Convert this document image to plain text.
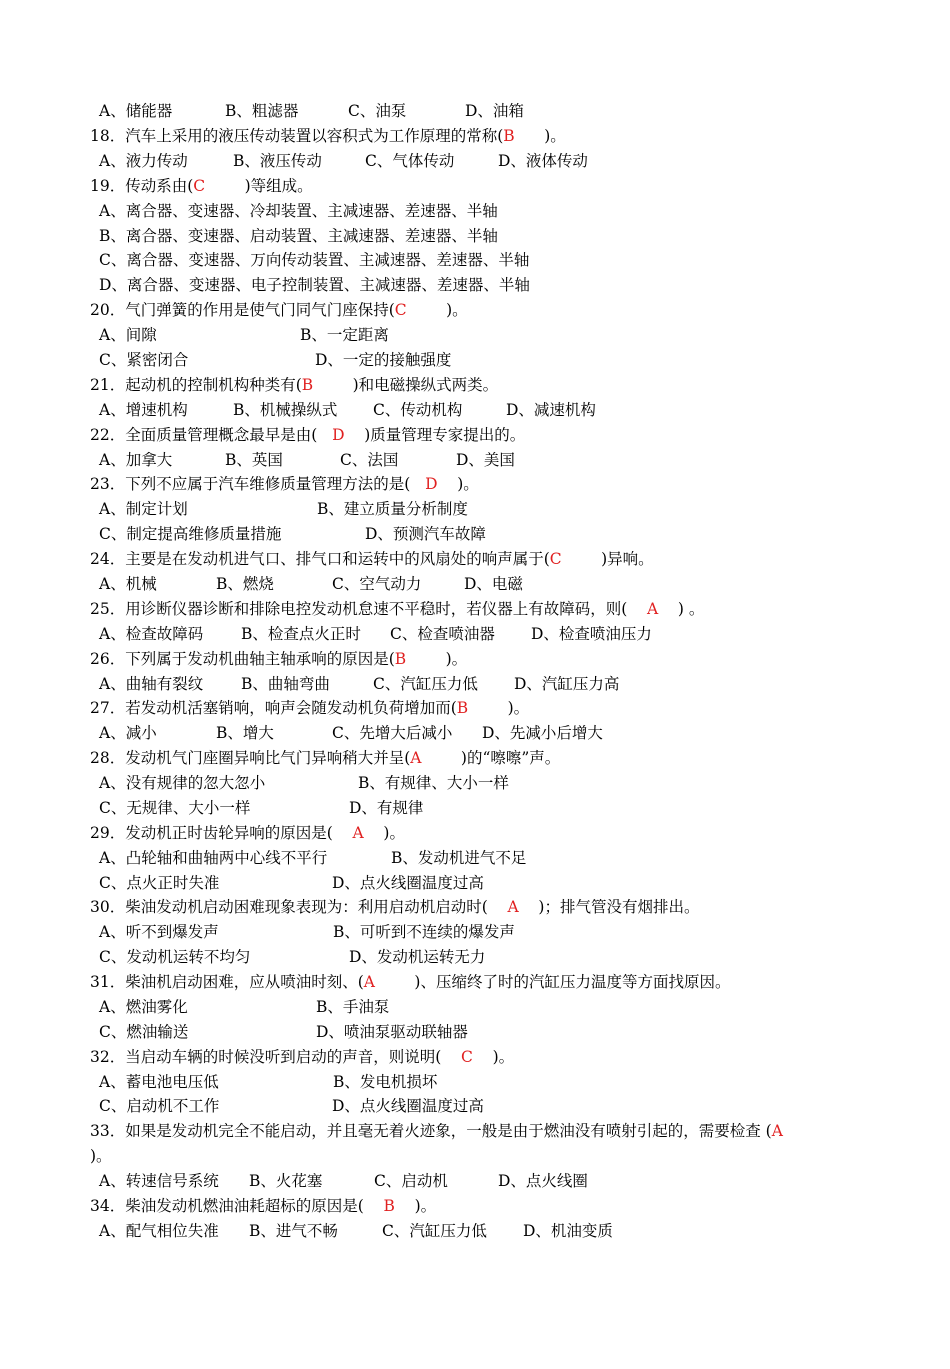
A、储能器

	B、粗滤器

	C、油泵

	D、油箱

18．汽车上采用的液压传动装置以容积式为工作原理的常称(B      )。

A、液力传动

	B、液压传动

	C、气体传动

	D、液体传动

19．传动系由(C        )等组成。
A、离合器、变速器、冷却装置、主减速器、差速器、半轴
B、离合器、变速器、启动装置、主减速器、差速器、半轴
C、离合器、变速器、万向传动装置、主减速器、差速器、半轴
D、离合器、变速器、电子控制装置、主减速器、差速器、半轴
20．气门弹簧的作用是使气门同气门座保持(C        )。

A、间隙

	B、一定距离

C、紧密闭合

	D、一定的接触强度

21．起动机的控制机构种类有(B        )和电磁操纵式两类。

A、增速机构

	B、机械操纵式

C、传动机构

	D、减速机构

22．全面质量管理概念最早是由(   D    )质量管理专家提出的。

A、加拿大

	B、英国

	C、法国

	D、美国

23．下列不应属于汽车维修质量管理方法的是(   D    )。

A、制定计划

	B、建立质量分析制度

C、制定提高维修质量措施

	D、预测汽车故障

24．主要是在发动机进气口、排气口和运转中的风扇处的响声属于(C        )异响。

A、机械

	B、燃烧

	C、空气动力

	D、电磁

25．用诊断仪器诊断和排除电控发动机怠速不平稳时，若仪器上有故障码，则(    A    ) 。

A、检查故障码

B、检查点火正时

C、检查喷油器

D、检查喷油压力

26．下列属于发动机曲轴主轴承响的原因是(B        )。

A、曲轴有裂纹

B、曲轴弯曲

	C、汽缸压力低

D、汽缸压力高

27．若发动机活塞销响，响声会随发动机负荷增加而(B        )。

A、减小

	B、增大

	C、先增大后减小

D、先减小后增大

28．发动机气门座圈异响比气门异响稍大并呈(A        )的“嚓嚓”声。

A、没有规律的忽大忽小

	B、有规律、大小一样

C、无规律、大小一样

	D、有规律

29．发动机正时齿轮异响的原因是(    A    )。

A、凸轮轴和曲轴两中心线不平行

	B、发动机进气不足

C、点火正时失准

	D、点火线圈温度过高

30．柴油发动机启动困难现象表现为：利用启动机启动时(    A    )；排气管没有烟排出。

A、听不到爆发声

	B、可听到不连续的爆发声

C、发动机运转不均匀

	D、发动机运转无力

31．柴油机启动困难，应从喷油时刻、(A        )、压缩终了时的汽缸压力温度等方面找原因。

A、燃油雾化

	B、手油泵

C、燃油输送

	D、喷油泵驱动联轴器

32．当启动车辆的时候没听到启动的声音，则说明(    C    )。

A、蓄电池电压低

	B、发电机损坏

C、启动机不工作

	D、点火线圈温度过高

33．如果是发动机完全不能启动，并且毫无着火迹象，一般是由于燃油没有喷射引起的，需要检查 (A
)。

A、转速信号系统

B、火花塞

	C、启动机

	D、点火线圈

34．柴油发动机燃油油耗超标的原因是(    B    )。

A、配气相位失准

B、进气不畅

	C、汽缸压力低

D、机油变质
